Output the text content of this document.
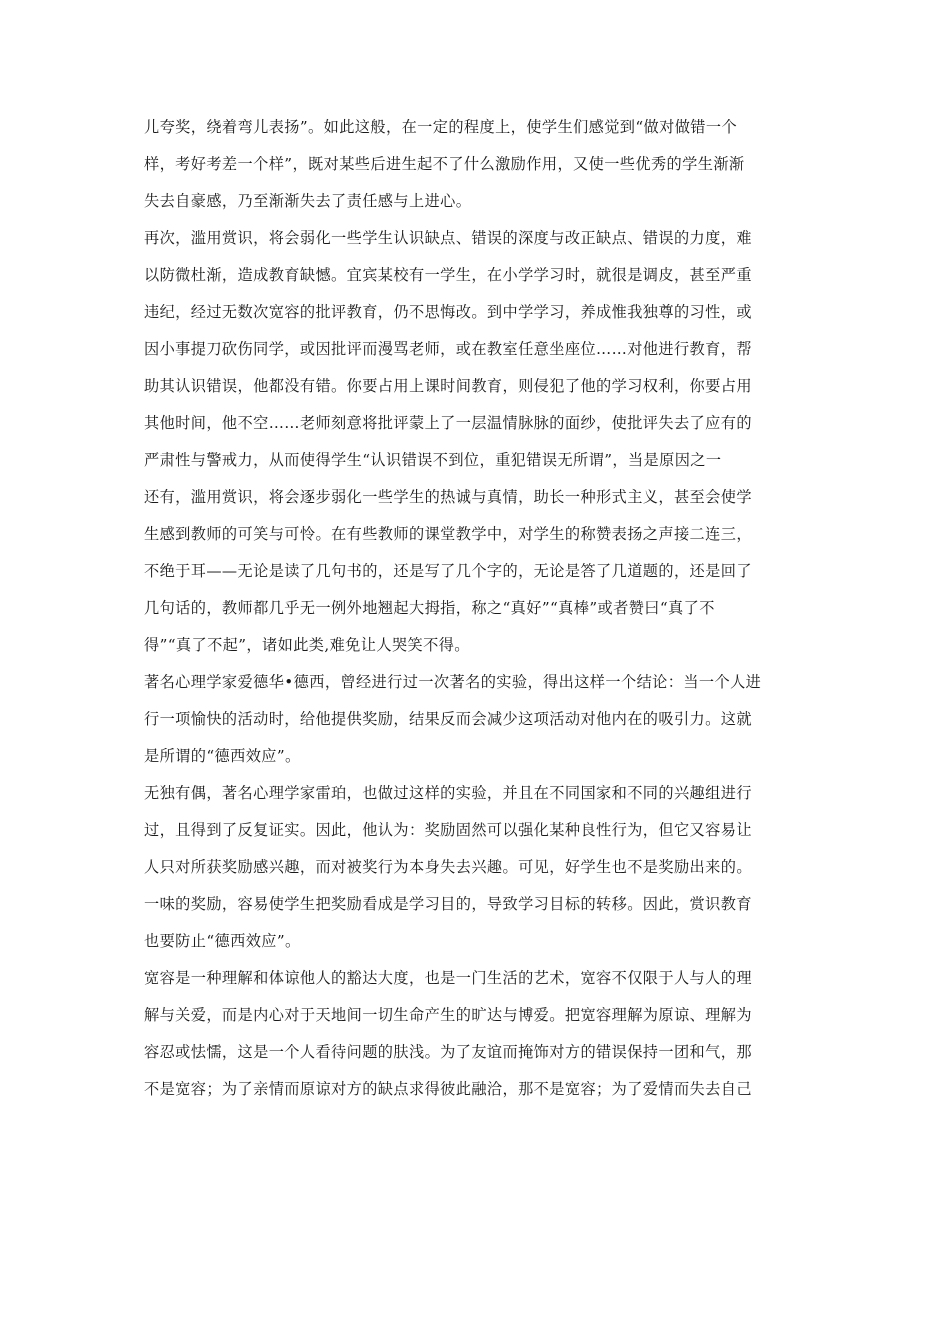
儿夸奖，绕着弯儿表扬”。如此这般，在一定的程度上，使学生们感觉到“做对做错一个
样，考好考差一个样”，既对某些后进生起不了什么激励作用，又使一些优秀的学生渐渐
失去自豪感，乃至渐渐失去了责任感与上进心。
再次，滥用赏识，将会弱化一些学生认识缺点、错误的深度与改正缺点、错误的力度，难
以防微杜渐，造成教育缺憾。宜宾某校有一学生，在小学学习时，就很是调皮，甚至严重
违纪，经过无数次宽容的批评教育，仍不思悔改。到中学学习，养成惟我独尊的习性，或
因小事提刀砍伤同学，或因批评而漫骂老师，或在教室任意坐座位……对他进行教育，帮
助其认识错误，他都没有错。你要占用上课时间教育，则侵犯了他的学习权利，你要占用
其他时间，他不空……老师刻意将批评蒙上了一层温情脉脉的面纱，使批评失去了应有的
严肃性与警戒力，从而使得学生“认识错误不到位，重犯错误无所谓”，当是原因之一
还有，滥用赏识，将会逐步弱化一些学生的热诚与真情，助长一种形式主义，甚至会使学
生感到教师的可笑与可怜。在有些教师的课堂教学中，对学生的称赞表扬之声接二连三，
不绝于耳——无论是读了几句书的，还是写了几个字的，无论是答了几道题的，还是回了
几句话的，教师都几乎无一例外地翘起大拇指，称之“真好”“真棒”或者赞曰“真了不
得”“真了不起”，诸如此类,难免让人哭笑不得。
著名心理学家爱德华•德西，曾经进行过一次著名的实验，得出这样一个结论：当一个人进
行一项愉快的活动时，给他提供奖励，结果反而会减少这项活动对他内在的吸引力。这就
是所谓的“德西效应”。
无独有偶，著名心理学家雷珀，也做过这样的实验，并且在不同国家和不同的兴趣组进行
过，且得到了反复证实。因此，他认为：奖励固然可以强化某种良性行为，但它又容易让
人只对所获奖励感兴趣，而对被奖行为本身失去兴趣。可见，好学生也不是奖励出来的。
一味的奖励，容易使学生把奖励看成是学习目的，导致学习目标的转移。因此，赏识教育
也要防止“德西效应”。
宽容是一种理解和体谅他人的豁达大度，也是一门生活的艺术，宽容不仅限于人与人的理
解与关爱，而是内心对于天地间一切生命产生的旷达与博爱。把宽容理解为原谅、理解为
容忍或怯懦，这是一个人看待问题的肤浅。为了友谊而掩饰对方的错误保持一团和气，那
不是宽容；为了亲情而原谅对方的缺点求得彼此融洽，那不是宽容；为了爱情而失去自己
